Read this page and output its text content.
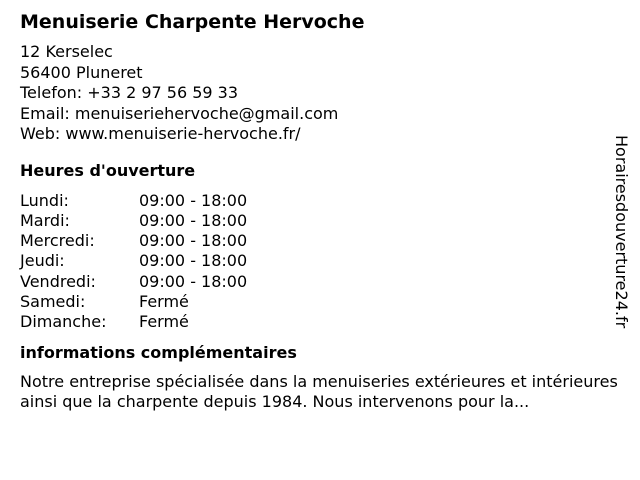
Menuiserie Charpente Hervoche
12 Kerselec
56400 Pluneret
Telefon: +33 2 97 56 59 33
Email: menuiseriehervoche@gmail.com
Web: www.menuiserie-hervoche.fr/
Heures d'ouverture
Lundi:	09:00 - 18:00
Mardi:	09:00 - 18:00
Mercredi:	09:00 - 18:00
Jeudi:	09:00 - 18:00
Vendredi:	09:00 - 18:00
Samedi:	Fermé
Dimanche:	Fermé
informations complémentaires
Notre entreprise spécialisée dans la menuiseries extérieures et intérieures ainsi que la charpente depuis 1984. Nous intervenons pour la...
Horairesdouverture24.fr
